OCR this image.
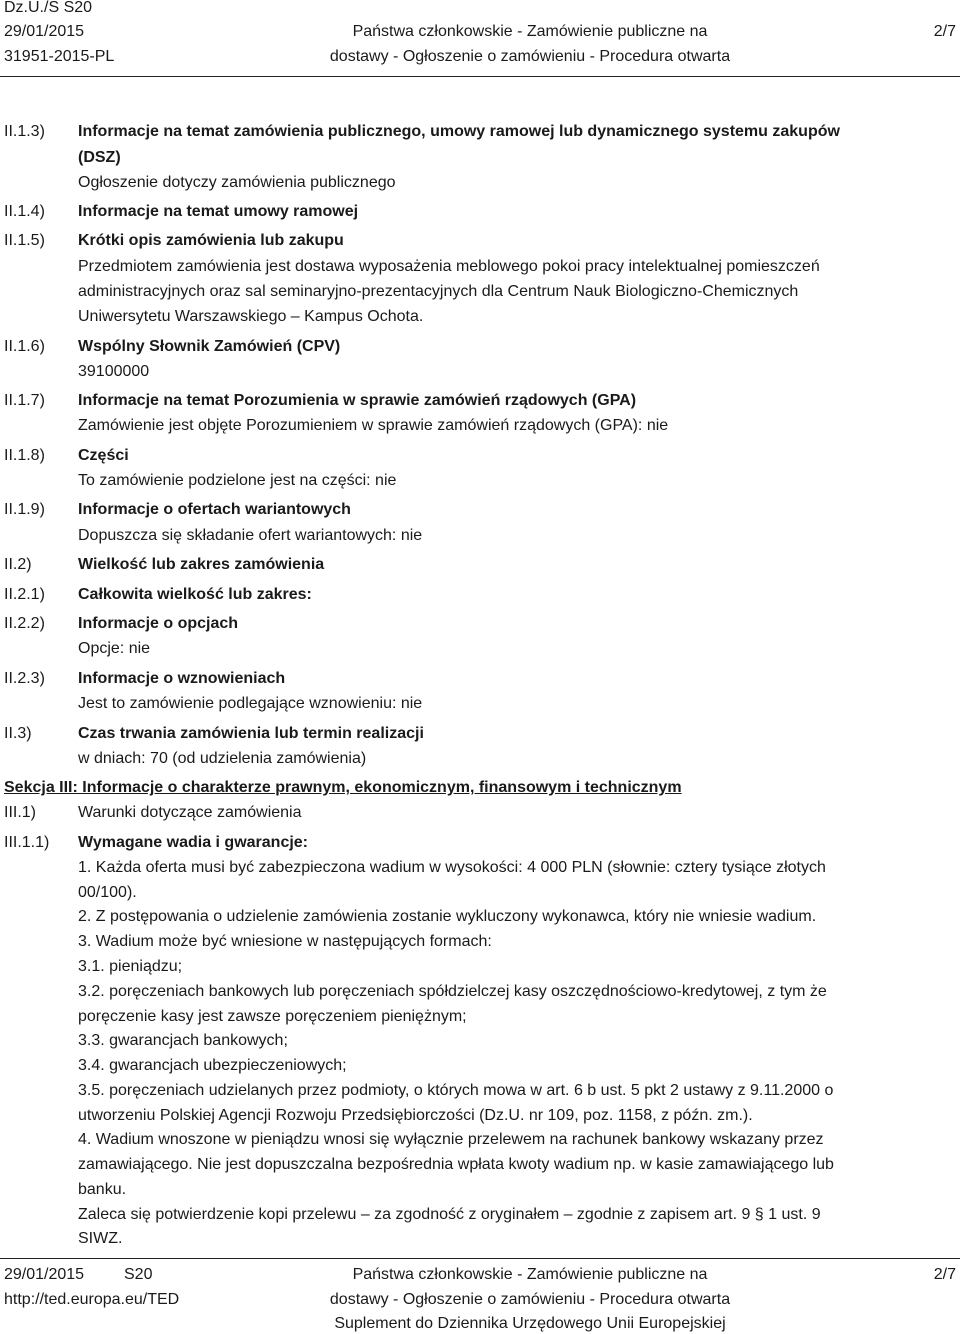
Dz.U./S S20
29/01/2015
31951-2015-PL
Państwa członkowskie - Zamówienie publiczne na
dostawy - Ogłoszenie o zamówieniu - Procedura otwarta
2/7
II.1.3) Informacje na temat zamówienia publicznego, umowy ramowej lub dynamicznego systemu zakupów
(DSZ)
Ogłoszenie dotyczy zamówienia publicznego
II.1.4) Informacje na temat umowy ramowej
II.1.5) Krótki opis zamówienia lub zakupu
Przedmiotem zamówienia jest dostawa wyposażenia meblowego pokoi pracy intelektualnej pomieszczeń
administracyjnych oraz sal seminaryjno-prezentacyjnych dla Centrum Nauk Biologiczno-Chemicznych
Uniwersytetu Warszawskiego – Kampus Ochota.
II.1.6) Wspólny Słownik Zamówień (CPV)
39100000
II.1.7) Informacje na temat Porozumienia w sprawie zamówień rządowych (GPA)
Zamówienie jest objęte Porozumieniem w sprawie zamówień rządowych (GPA): nie
II.1.8) Części
To zamówienie podzielone jest na części: nie
II.1.9) Informacje o ofertach wariantowych
Dopuszcza się składanie ofert wariantowych: nie
II.2)	Wielkość lub zakres zamówienia
II.2.1) Całkowita wielkość lub zakres:
II.2.2) Informacje o opcjach
Opcje: nie
II.2.3) Informacje o wznowieniach
Jest to zamówienie podlegające wznowieniu: nie
II.3)	Czas trwania zamówienia lub termin realizacji
w dniach: 70 (od udzielenia zamówienia)
Sekcja III: Informacje o charakterze prawnym, ekonomicznym, finansowym i technicznym
III.1)	Warunki dotyczące zamówienia
III.1.1) Wymagane wadia i gwarancje:
1. Każda oferta musi być zabezpieczona wadium w wysokości: 4 000 PLN (słownie: cztery tysiące złotych
00/100).
2. Z postępowania o udzielenie zamówienia zostanie wykluczony wykonawca, który nie wniesie wadium.
3. Wadium może być wniesione w następujących formach:
3.1. pieniądzu;
3.2. poręczeniach bankowych lub poręczeniach spółdzielczej kasy oszczędnościowo-kredytowej, z tym że
poręczenie kasy jest zawsze poręczeniem pieniężnym;
3.3. gwarancjach bankowych;
3.4. gwarancjach ubezpieczeniowych;
3.5. poręczeniach udzielanych przez podmioty, o których mowa w art. 6 b ust. 5 pkt 2 ustawy z 9.11.2000 o
utworzeniu Polskiej Agencji Rozwoju Przedsiębiorczości (Dz.U. nr 109, poz. 1158, z późn. zm.).
4. Wadium wnoszone w pieniądzu wnosi się wyłącznie przelewem na rachunek bankowy wskazany przez
zamawiającego. Nie jest dopuszczalna bezpośrednia wpłata kwoty wadium np. w kasie zamawiającego lub
banku.
Zaleca się potwierdzenie kopi przelewu – za zgodność z oryginałem – zgodnie z zapisem art. 9 § 1 ust. 9
SIWZ.
29/01/2015 S20
http://ted.europa.eu/TED
Państwa członkowskie - Zamówienie publiczne na
dostawy - Ogłoszenie o zamówieniu - Procedura otwarta
Suplement do Dziennika Urzędowego Unii Europejskiej
2/7
